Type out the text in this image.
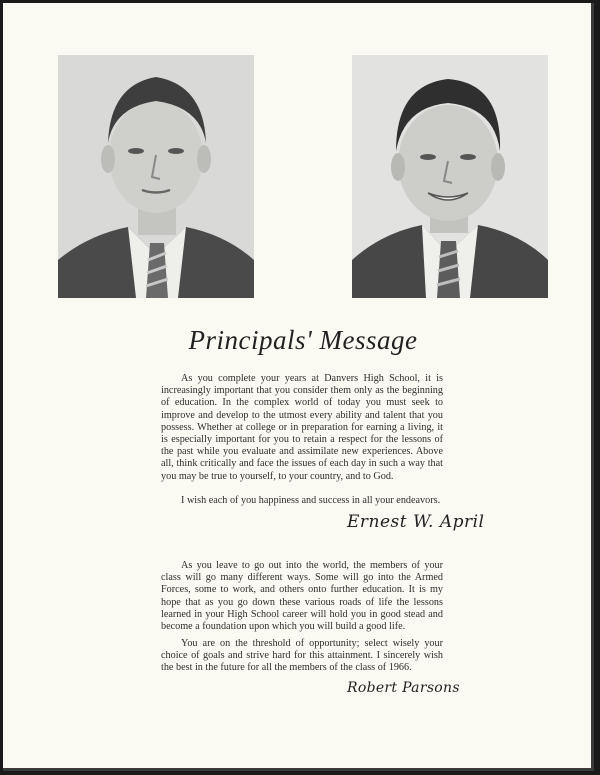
Principals' Message

As you complete your years at Danvers High School, it is increasingly important that you consider them only as the beginning of education. In the complex world of today you must seek to improve and develop to the utmost every ability and talent that you possess. Whether at college or in preparation for earning a living, it is especially important for you to retain a respect for the lessons of the past while you evaluate and assimilate new experiences. Above all, think critically and face the issues of each day in such a way that you may be true to yourself, to your country, and to God.

I wish each of you happiness and success in all your endeavors.

Ernest W. April

As you leave to go out into the world, the members of your class will go many different ways. Some will go into the Armed Forces, some to work, and others onto further education. It is my hope that as you go down these various roads of life the lessons learned in your High School career will hold you in good stead and become a foundation upon which you will build a good life.

You are on the threshold of opportunity; select wisely your choice of goals and strive hard for this attainment. I sincerely wish the best in the future for all the members of the class of 1966.

Robert Parsons
